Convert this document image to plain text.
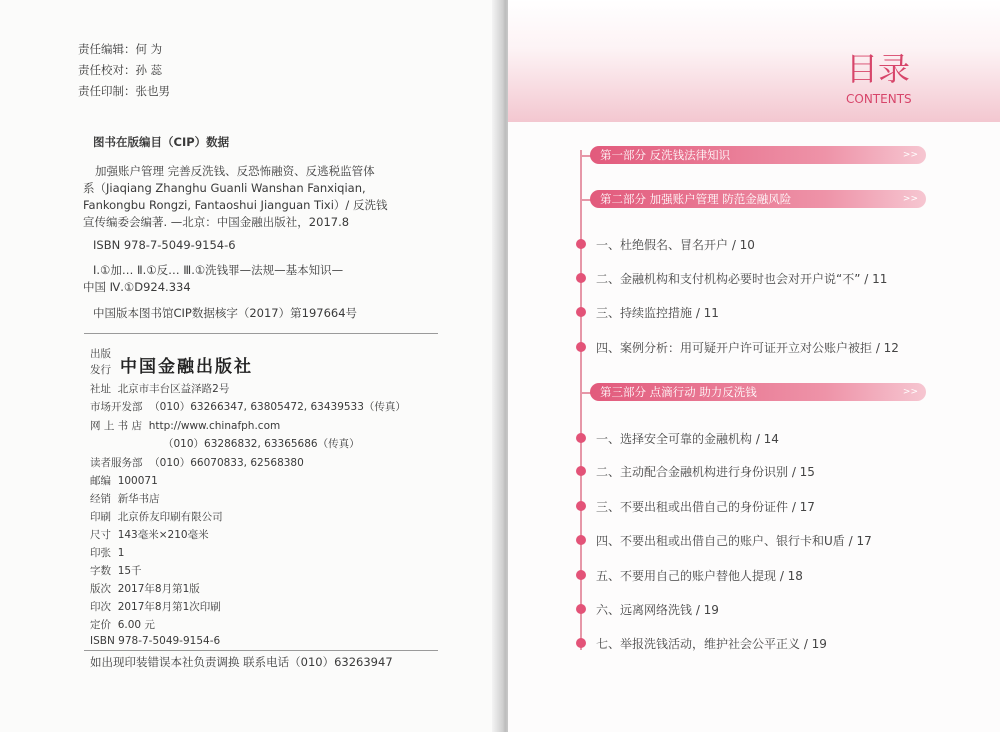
责任编辑：何 为
责任校对：孙 蕊
责任印制：张也男
图书在版编目（CIP）数据
加强账户管理 完善反洗钱、反恐怖融资、反逃税监管体
系（Jiaqiang Zhanghu Guanli Wanshan Fanxiqian,
Fankongbu Rongzi, Fantaoshui Jianguan Tixi）/ 反洗钱
宣传编委会编著. —北京：中国金融出版社，2017.8
ISBN 978-7-5049-9154-6
Ⅰ.①加… Ⅱ.①反… Ⅲ.①洗钱罪—法规—基本知识—
中国 Ⅳ.①D924.334
中国版本图书馆CIP数据核字（2017）第197664号
出版
发行 中国金融出版社
社址 北京市丰台区益泽路2号
市场开发部 （010）63266347, 63805472, 63439533（传真）
网 上 书 店 http://www.chinafph.com
（010）63286832, 63365686（传真）
读者服务部 （010）66070833, 62568380
邮编 100071
经销 新华书店
印刷 北京侨友印刷有限公司
尺寸 143毫米×210毫米
印张 1
字数 15千
版次 2017年8月第1版
印次 2017年8月第1次印刷
定价 6.00 元
ISBN 978-7-5049-9154-6
如出现印装错误本社负责调换 联系电话（010）63263947
目录
CONTENTS
第一部分 反洗钱法律知识	>>
第二部分 加强账户管理 防范金融风险	>>
一、杜绝假名、冒名开户 / 10
二、金融机构和支付机构必要时也会对开户说“不” / 11
三、持续监控措施 / 11
四、案例分析：用可疑开户许可证开立对公账户被拒 / 12
第三部分 点滴行动 助力反洗钱	>>
一、选择安全可靠的金融机构 / 14
二、主动配合金融机构进行身份识别 / 15
三、不要出租或出借自己的身份证件 / 17
四、不要出租或出借自己的账户、银行卡和U盾 / 17
五、不要用自己的账户替他人提现 / 18
六、远离网络洗钱 / 19
七、举报洗钱活动，维护社会公平正义 / 19
